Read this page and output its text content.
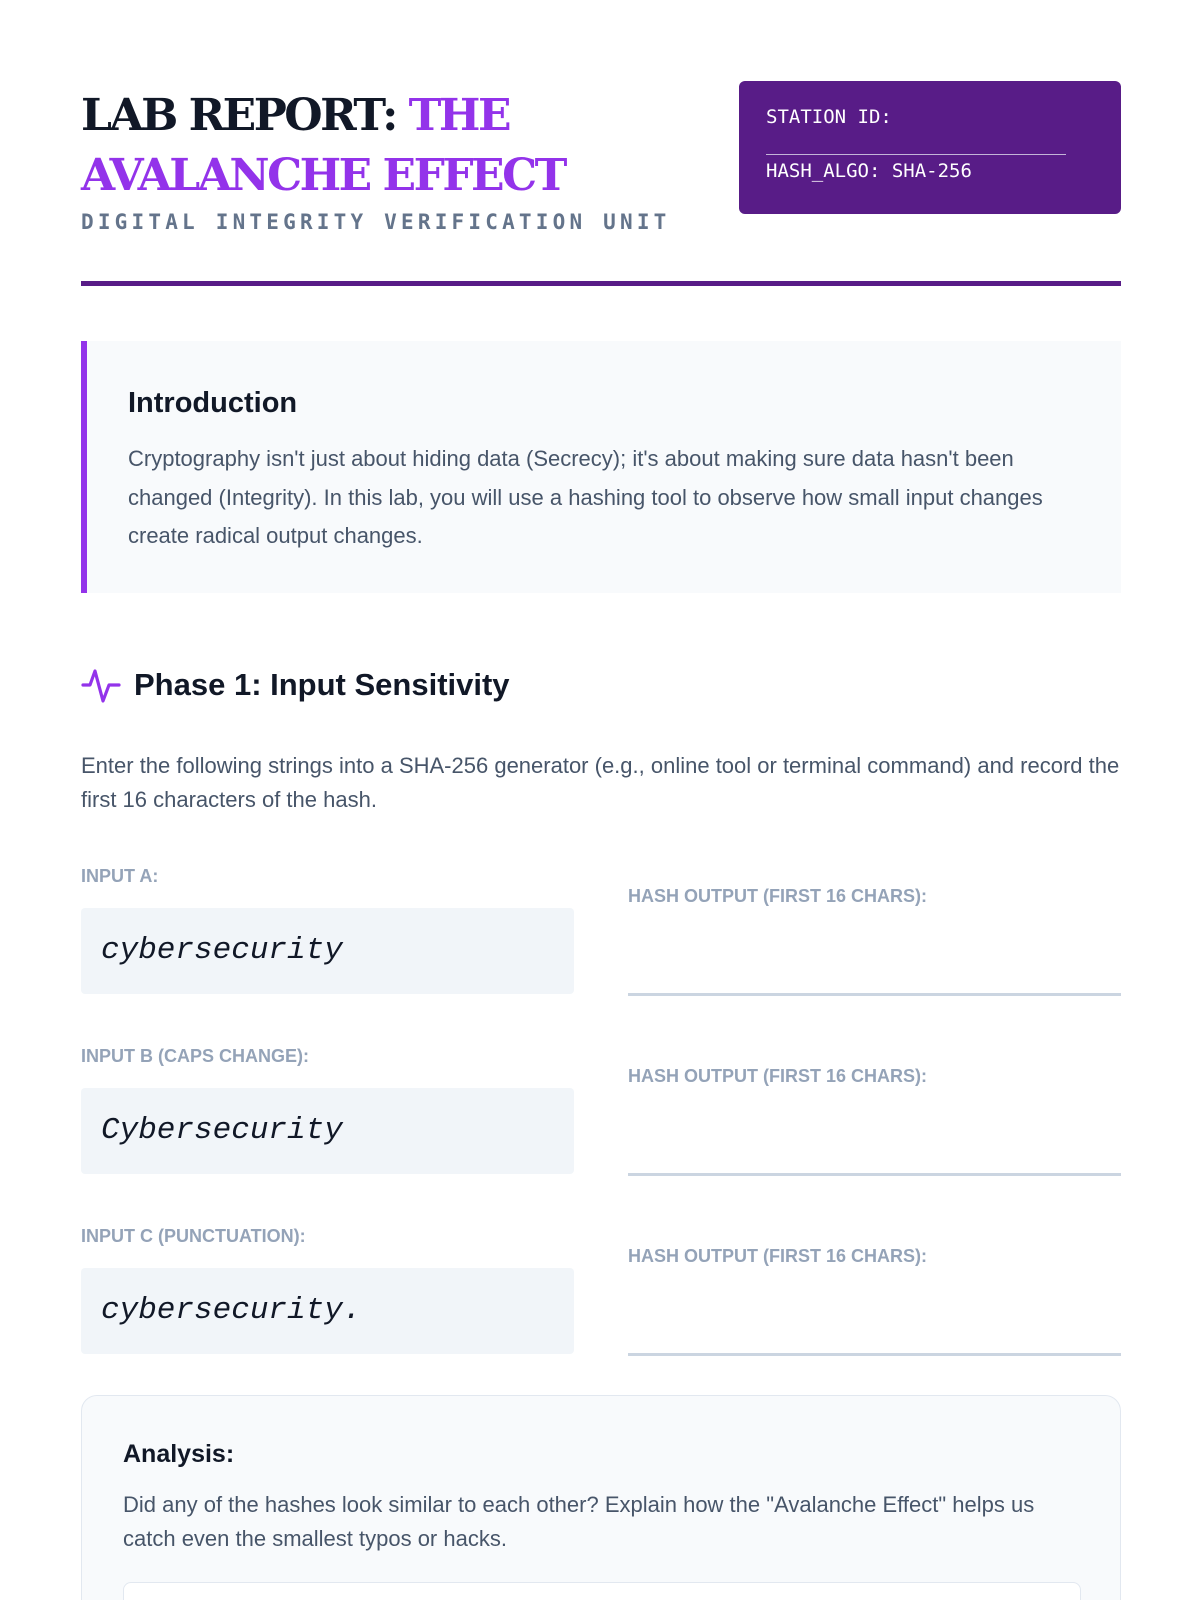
LAB REPORT: THE
AVALANCHE EFFECT
DIGITAL INTEGRITY VERIFICATION UNIT
STATION ID:
HASH_ALGO: SHA-256
Introduction

Cryptography isn't just about hiding data (Secrecy); it's about making sure data hasn't been changed (Integrity). In this lab, you will use a hashing tool to observe how small input changes create radical output changes.

Phase 1: Input Sensitivity

Enter the following strings into a SHA-256 generator (e.g., online tool or terminal command) and record the first 16 characters of the hash.

INPUT A:
cybersecurity
HASH OUTPUT (FIRST 16 CHARS):
INPUT B (CAPS CHANGE):
Cybersecurity
HASH OUTPUT (FIRST 16 CHARS):
INPUT C (PUNCTUATION):
cybersecurity.
HASH OUTPUT (FIRST 16 CHARS):
Analysis:

Did any of the hashes look similar to each other? Explain how the "Avalanche Effect" helps us catch even the smallest typos or hacks.
